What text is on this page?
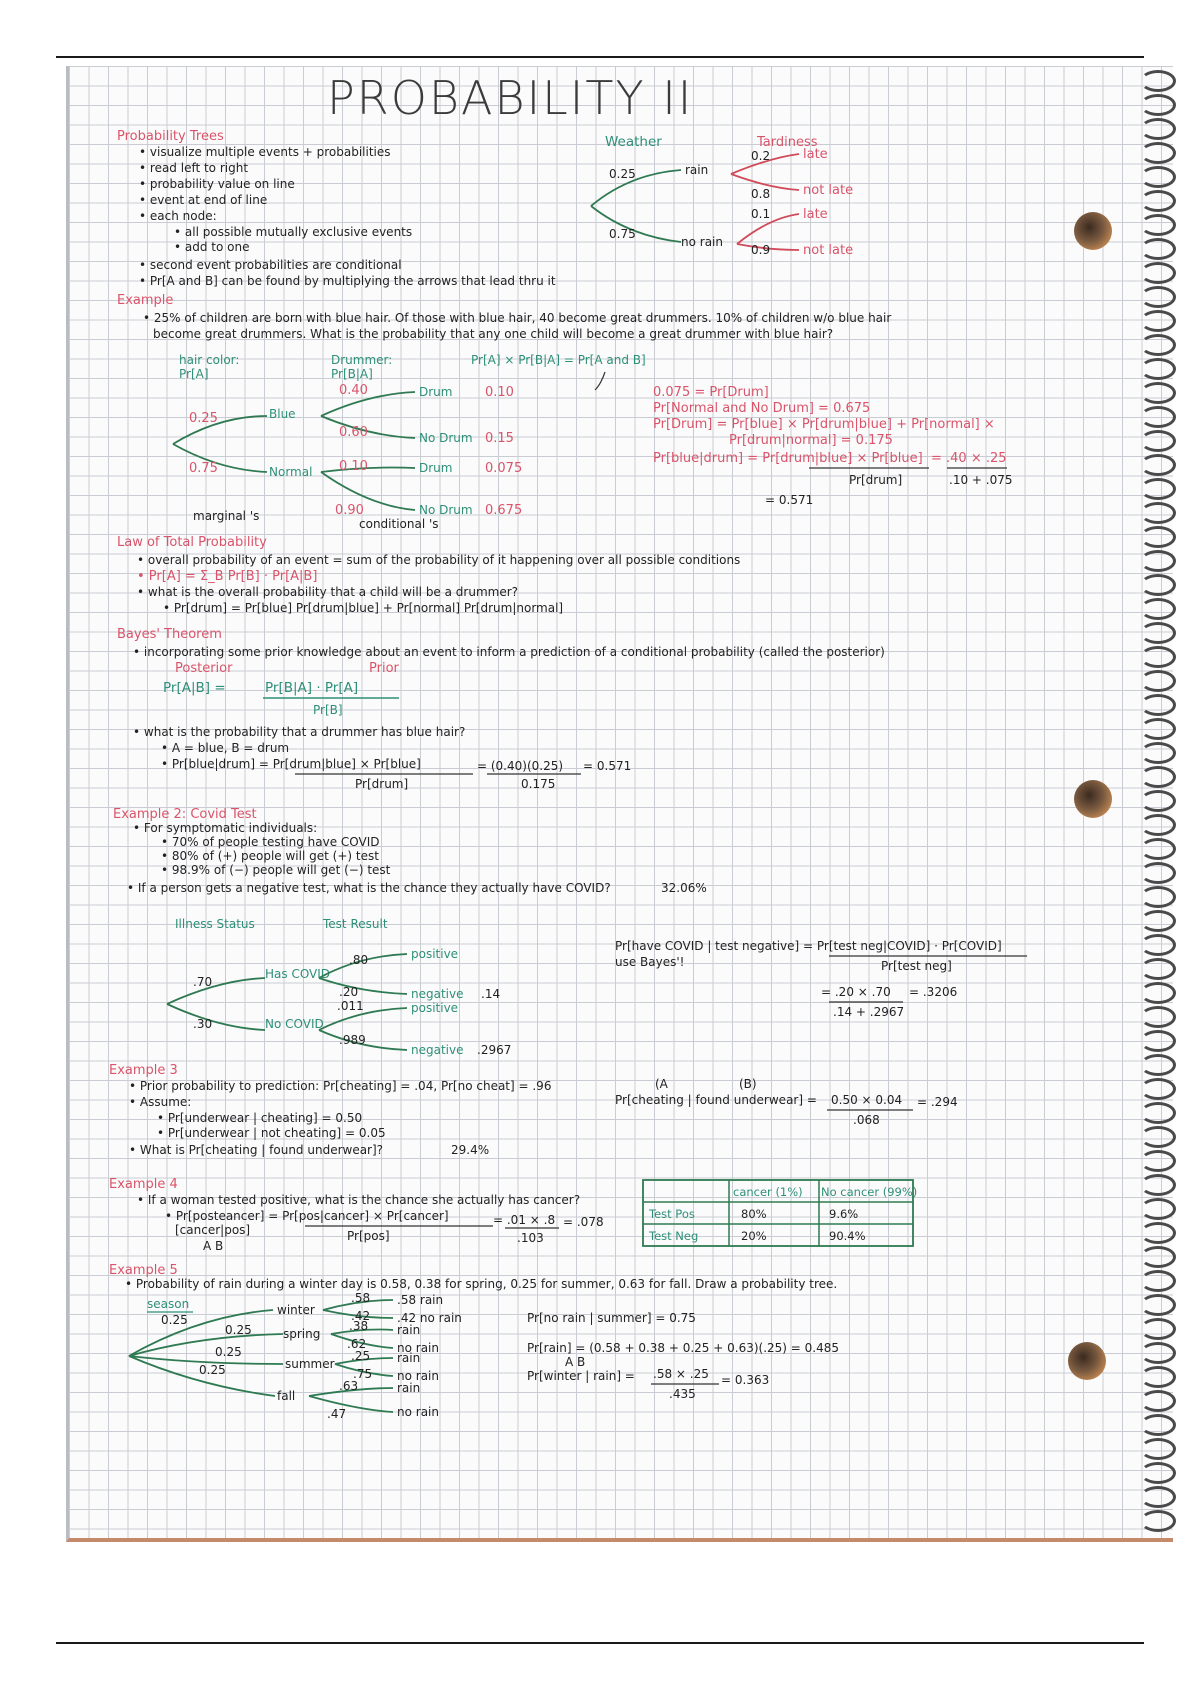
PROBABILITY II
Probability Trees
• visualize multiple events + probabilities
• read left to right
• probability value on line
• event at end of line
• each node:
• all possible mutually exclusive events
• add to one
• second event probabilities are conditional
• Pr[A and B] can be found by multiplying the arrows that lead thru it
Weather	Tardiness
0.25
0.75
rain
no rain
0.2
0.8
0.1
0.9
late
not late
late
not late
Example
• 25% of children are born with blue hair. Of those with blue hair, 40 become great drummers. 10% of children w/o blue hair
become great drummers. What is the probability that any one child will become a great drummer with blue hair?
hair color:
Pr[A]
Drummer:
Pr[B|A]
Pr[A] × Pr[B|A] = Pr[A and B]
0.25
0.75
Blue
Normal
0.40
0.60
0.10
0.90
Drum
No Drum
Drum
No Drum
0.10
0.15
0.075
0.675
marginal 's
conditional 's
0.075 = Pr[Drum]
Pr[Normal and No Drum] = 0.675
Pr[Drum] = Pr[blue] × Pr[drum|blue] + Pr[normal] ×
Pr[drum|normal] = 0.175
Pr[blue|drum] = Pr[drum|blue] × Pr[blue] = .40 × .25
Pr[drum]	.10 + .075
= 0.571
Law of Total Probability
• overall probability of an event = sum of the probability of it happening over all possible conditions
• Pr[A] = Σ_B Pr[B] · Pr[A|B]
• what is the overall probability that a child will be a drummer?
• Pr[drum] = Pr[blue] Pr[drum|blue] + Pr[normal] Pr[drum|normal]
Bayes' Theorem
• incorporating some prior knowledge about an event to inform a prediction of a conditional probability (called the posterior)
Posterior	Prior
Pr[A|B] =	Pr[B|A] · Pr[A]
Pr[B]
• what is the probability that a drummer has blue hair?
• A = blue, B = drum
• Pr[blue|drum] = Pr[drum|blue] × Pr[blue]
Pr[drum]
= (0.40)(0.25)
0.175
= 0.571
Example 2: Covid Test
• For symptomatic individuals:
• 70% of people testing have COVID
• 80% of (+) people will get (+) test
• 98.9% of (−) people will get (−) test
• If a person gets a negative test, what is the chance they actually have COVID?	32.06%
Illness Status	Test Result
.70
.30
Has COVID
No COVID
.80
.20
.011
.989
positive
negative
positive
negative
.14
.2967
Pr[have COVID | test negative] = Pr[test neg|COVID] · Pr[COVID]
use Bayes'!	Pr[test neg]
= .20 × .70 = .3206
.14 + .2967
Example 3
• Prior probability to prediction: Pr[cheating] = .04, Pr[no cheat] = .96
• Assume:
• Pr[underwear | cheating] = 0.50
• Pr[underwear | not cheating] = 0.05
• What is Pr[cheating | found underwear]?	29.4%
(A	(B)
Pr[cheating | found underwear] = 0.50 × 0.04 = .294
.068
Example 4
• If a woman tested positive, what is the chance she actually has cancer?
• Pr[posteancer] = Pr[pos|cancer] × Pr[cancer]	= .01 × .8 = .078
[cancer|pos]	Pr[pos]	.103
A B
cancer (1%) No cancer (99%)
Test Pos	80%	9.6%
Test Neg	20%	90.4%
Example 5
• Probability of rain during a winter day is 0.58, 0.38 for spring, 0.25 for summer, 0.63 for fall. Draw a probability tree.
season
0.25
0.25
0.25
0.25
winter
spring
summer
fall
.58
.42
.38
.62
.25
.75
.63
.47
.58 rain
.42 no rain
rain
no rain
rain
no rain
rain
no rain
Pr[no rain | summer] = 0.75
Pr[rain] = (0.58 + 0.38 + 0.25 + 0.63)(.25) = 0.485
A B
Pr[winter | rain] = .58 × .25 = 0.363
.435
